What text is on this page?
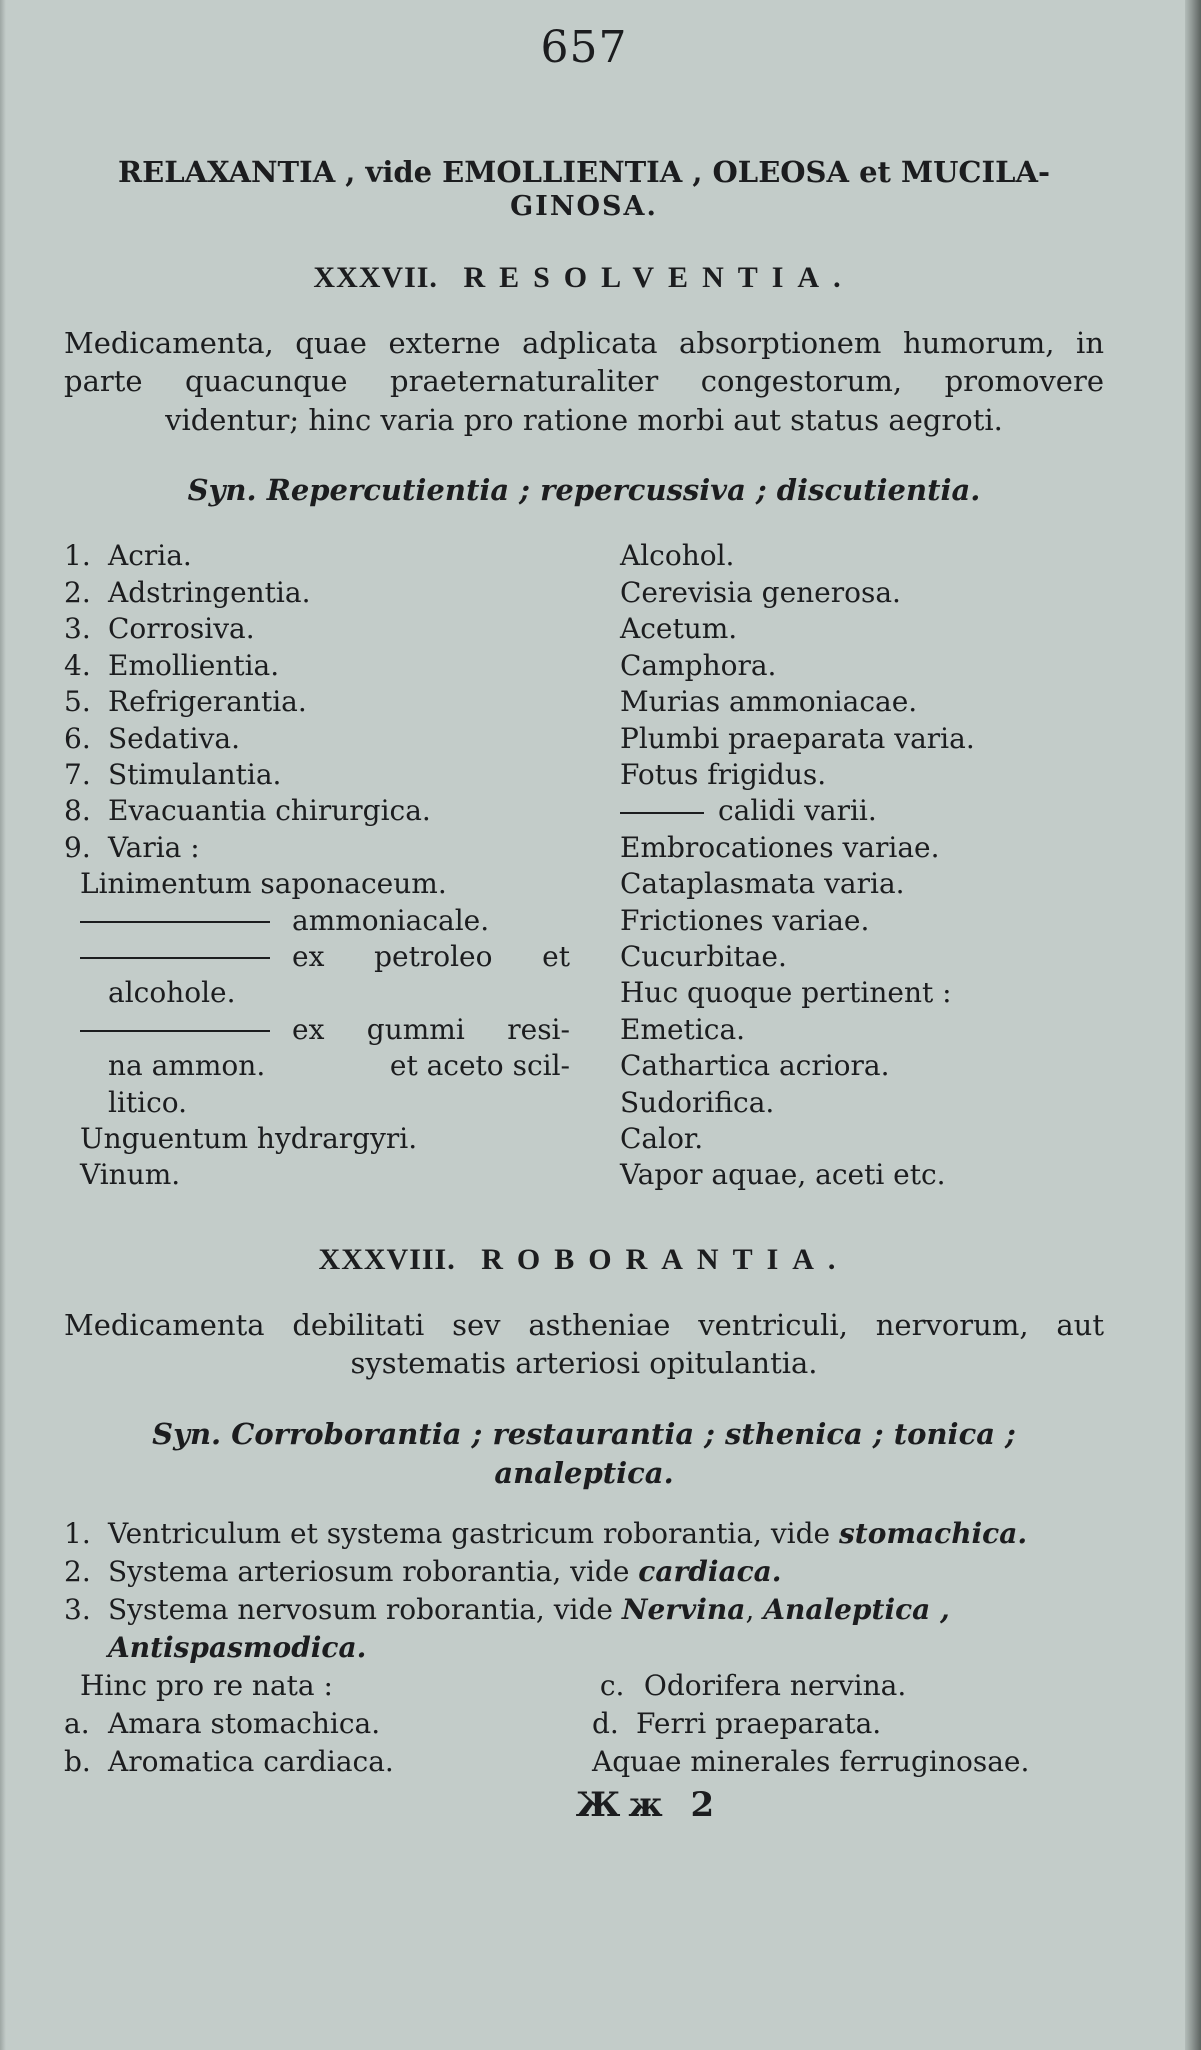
657

RELAXANTIA , vide EMOLLIENTIA , OLEOSA et MUCILA-
GINOSA.
XXXVII. RESOLVENTIA.

Medicamenta, quae externe adplicata absorptionem humorum, in parte quacunque praeternaturaliter congestorum, promovere videntur; hinc varia pro ratione morbi aut status aegroti.

Syn. Repercutientia ; repercussiva ; discutientia.

1. Acria.
2. Adstringentia.
3. Corrosiva.
4. Emollientia.
5. Refrigerantia.
6. Sedativa.
7. Stimulantia.
8. Evacuantia chirurgica.
9. Varia :
Linimentum saponaceum.
ammoniacale.
ex petroleo et
alcohole.
ex gummi resi-
na ammon.	et aceto scil-
litico.
Unguentum hydrargyri.
Vinum.
Alcohol.
Cerevisia generosa.
Acetum.
Camphora.
Murias ammoniacae.
Plumbi praeparata varia.
Fotus frigidus.
calidi varii.
Embrocationes variae.
Cataplasmata varia.
Frictiones variae.
Cucurbitae.
Huc quoque pertinent :
Emetica.
Cathartica acriora.
Sudorifica.
Calor.
Vapor aquae, aceti etc.
XXXVIII. ROBORANTIA.

Medicamenta debilitati sev astheniae ventriculi, nervorum, aut systematis arteriosi opitulantia.

Syn. Corroborantia ; restaurantia ; sthenica ; tonica ; analeptica.

1. Ventriculum et systema gastricum roborantia, vide stomachica.
2. Systema arteriosum roborantia, vide cardiaca.
3. Systema nervosum roborantia, vide Nervina, Analeptica , Antispasmodica.
Hinc pro re nata :	c. Odorifera nervina.
a. Amara stomachica.	d. Ferri praeparata.
b. Aromatica cardiaca.	Aquae minerales ferruginosae.
Жж 2
